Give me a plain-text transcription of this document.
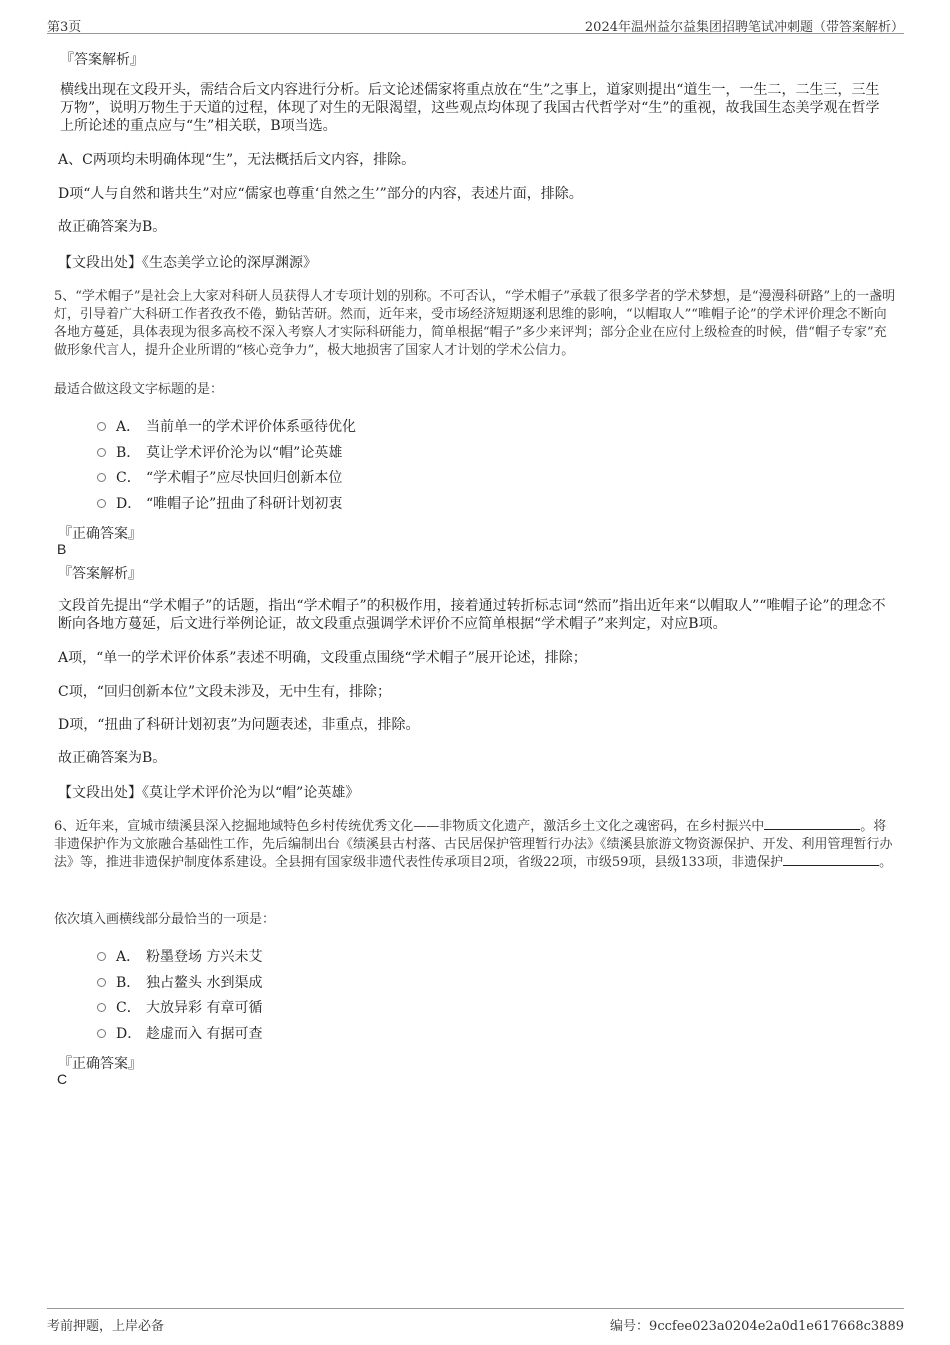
第3页	2024年温州益尔益集团招聘笔试冲刺题（带答案解析）
『答案解析』
横线出现在文段开头，需结合后文内容进行分析。后文论述儒家将重点放在“生”之事上，道家则提出“道生一，一生二，二生三，三生万物”，说明万物生于天道的过程，体现了对生的无限渴望，这些观点均体现了我国古代哲学对“生”的重视，故我国生态美学观在哲学上所论述的重点应与“生”相关联，B项当选。
A、C两项均未明确体现“生”，无法概括后文内容，排除。
D项“人与自然和谐共生”对应“儒家也尊重‘自然之生’”部分的内容，表述片面，排除。
故正确答案为B。
【文段出处】《生态美学立论的深厚渊源》
5、“学术帽子”是社会上大家对科研人员获得人才专项计划的别称。不可否认，“学术帽子”承载了很多学者的学术梦想，是“漫漫科研路”上的一盏明灯，引导着广大科研工作者孜孜不倦，勤钻苦研。然而，近年来，受市场经济短期逐利思维的影响，“以帽取人”“唯帽子论”的学术评价理念不断向各地方蔓延，具体表现为很多高校不深入考察人才实际科研能力，简单根据“帽子”多少来评判；部分企业在应付上级检查的时候，借“帽子专家”充做形象代言人，提升企业所谓的“核心竞争力”，极大地损害了国家人才计划的学术公信力。
最适合做这段文字标题的是：
A． 当前单一的学术评价体系亟待优化
B． 莫让学术评价沦为以“帽”论英雄
C． “学术帽子”应尽快回归创新本位
D． “唯帽子论”扭曲了科研计划初衷
『正确答案』
B
『答案解析』
文段首先提出“学术帽子”的话题，指出“学术帽子”的积极作用，接着通过转折标志词“然而”指出近年来“以帽取人”“唯帽子论”的理念不断向各地方蔓延，后文进行举例论证，故文段重点强调学术评价不应简单根据“学术帽子”来判定，对应B项。
A项，“单一的学术评价体系”表述不明确，文段重点围绕“学术帽子”展开论述，排除；
C项，“回归创新本位”文段未涉及，无中生有，排除；
D项，“扭曲了科研计划初衷”为问题表述，非重点，排除。
故正确答案为B。
【文段出处】《莫让学术评价沦为以“帽”论英雄》
6、近年来，宣城市绩溪县深入挖掘地域特色乡村传统优秀文化——非物质文化遗产，激活乡土文化之魂密码，在乡村振兴中	。将非遗保护作为文旅融合基础性工作，先后编制出台《绩溪县古村落、古民居保护管理暂行办法》《绩溪县旅游文物资源保护、开发、利用管理暂行办法》等，推进非遗保护制度体系建设。全县拥有国家级非遗代表性传承项目2项，省级22项，市级59项，县级133项，非遗保护	。
依次填入画横线部分最恰当的一项是：
A． 粉墨登场 方兴未艾
B． 独占鳌头 水到渠成
C． 大放异彩 有章可循
D． 趁虚而入 有据可查
『正确答案』
C
考前押题，上岸必备	编号：9ccfee023a0204e2a0d1e617668c3889
